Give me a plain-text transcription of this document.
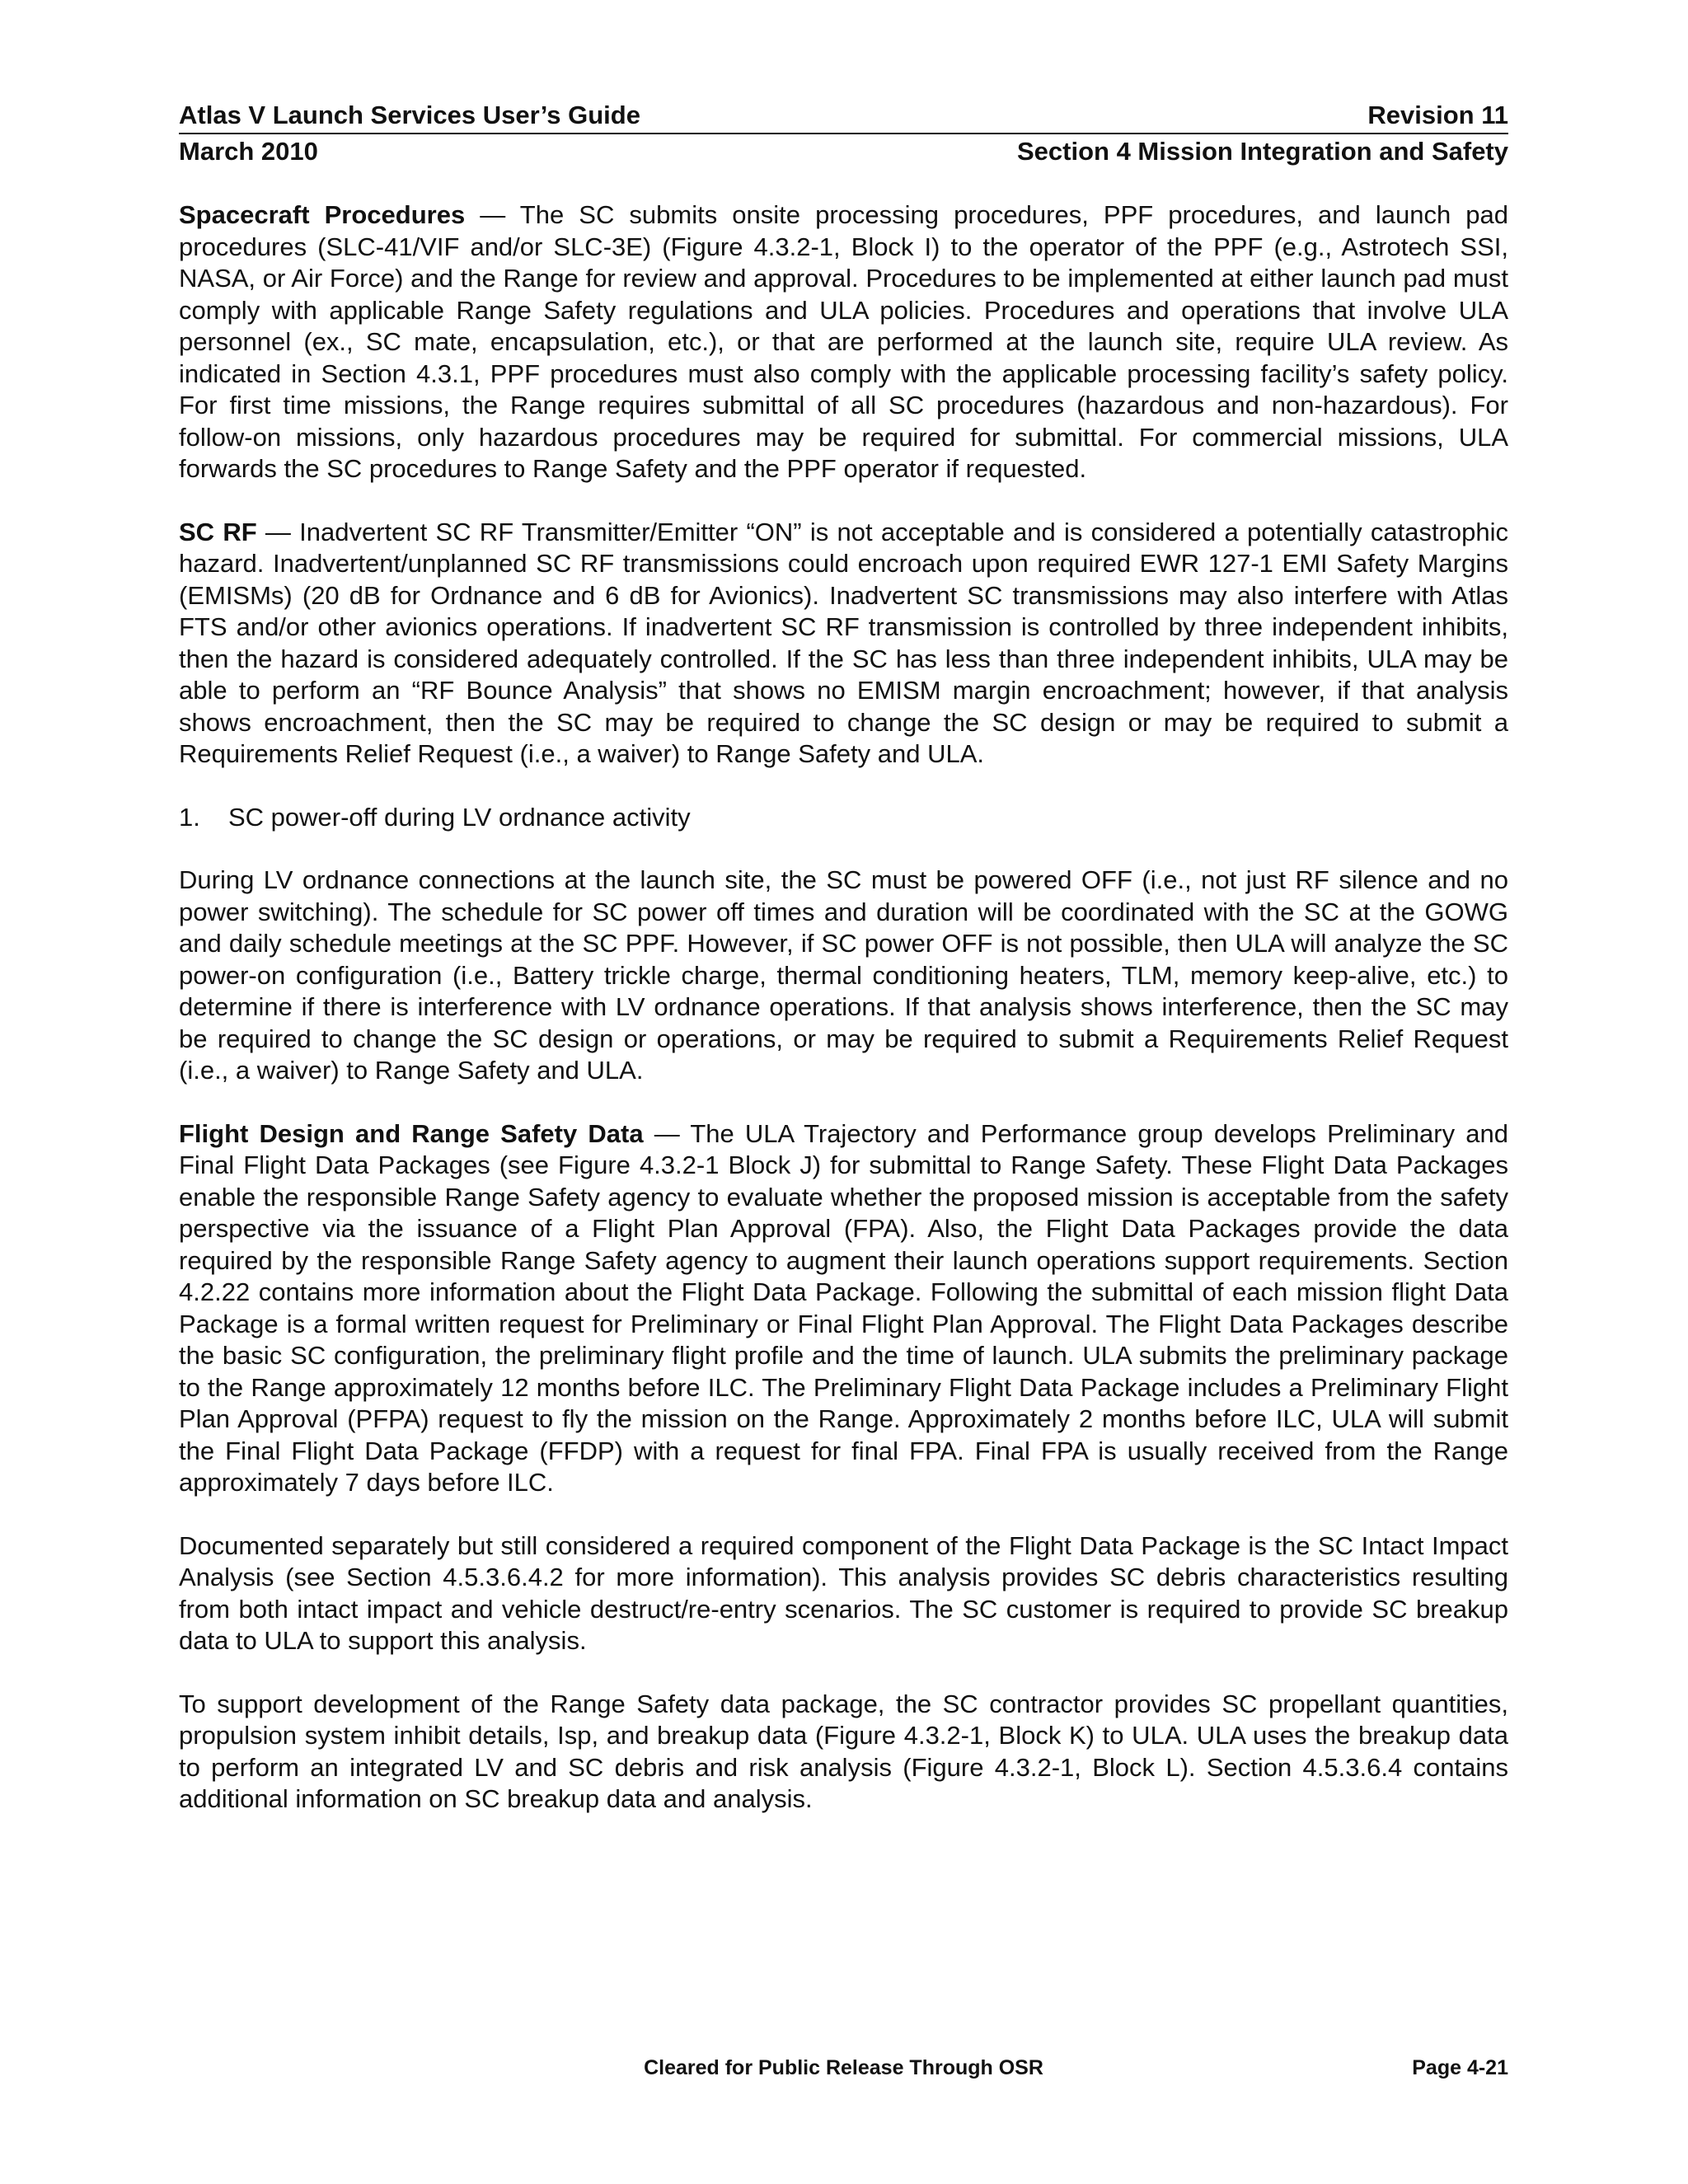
Atlas V Launch Services User’s Guide	Revision 11
March 2010	Section 4 Mission Integration and Safety

Spacecraft Procedures — The SC submits onsite processing procedures, PPF procedures, and launch pad procedures (SLC-41/VIF and/or SLC-3E) (Figure 4.3.2-1, Block I) to the operator of the PPF (e.g., Astrotech SSI, NASA, or Air Force) and the Range for review and approval. Procedures to be implemented at either launch pad must comply with applicable Range Safety regulations and ULA policies. Procedures and operations that involve ULA personnel (ex., SC mate, encapsulation, etc.), or that are performed at the launch site, require ULA review. As indicated in Section 4.3.1, PPF procedures must also comply with the applicable processing facility’s safety policy. For first time missions, the Range requires submittal of all SC procedures (hazardous and non-hazardous). For follow-on missions, only hazardous procedures may be required for submittal. For commercial missions, ULA forwards the SC procedures to Range Safety and the PPF operator if requested.

SC RF — Inadvertent SC RF Transmitter/Emitter “ON” is not acceptable and is considered a potentially catastrophic hazard. Inadvertent/unplanned SC RF transmissions could encroach upon required EWR 127-1 EMI Safety Margins (EMISMs) (20 dB for Ordnance and 6 dB for Avionics). Inadvertent SC transmissions may also interfere with Atlas FTS and/or other avionics operations. If inadvertent SC RF transmission is controlled by three independent inhibits, then the hazard is considered adequately controlled. If the SC has less than three independent inhibits, ULA may be able to perform an “RF Bounce Analysis” that shows no EMISM margin encroachment; however, if that analysis shows encroachment, then the SC may be required to change the SC design or may be required to submit a Requirements Relief Request (i.e., a waiver) to Range Safety and ULA.

1.	SC power-off during LV ordnance activity

During LV ordnance connections at the launch site, the SC must be powered OFF (i.e., not just RF silence and no power switching). The schedule for SC power off times and duration will be coordinated with the SC at the GOWG and daily schedule meetings at the SC PPF. However, if SC power OFF is not possible, then ULA will analyze the SC power-on configuration (i.e., Battery trickle charge, thermal conditioning heaters, TLM, memory keep-alive, etc.) to determine if there is interference with LV ordnance operations. If that analysis shows interference, then the SC may be required to change the SC design or operations, or may be required to submit a Requirements Relief Request (i.e., a waiver) to Range Safety and ULA.

Flight Design and Range Safety Data — The ULA Trajectory and Performance group develops Preliminary and Final Flight Data Packages (see Figure 4.3.2-1 Block J) for submittal to Range Safety. These Flight Data Packages enable the responsible Range Safety agency to evaluate whether the proposed mission is acceptable from the safety perspective via the issuance of a Flight Plan Approval (FPA). Also, the Flight Data Packages provide the data required by the responsible Range Safety agency to augment their launch operations support requirements. Section 4.2.22 contains more information about the Flight Data Package. Following the submittal of each mission flight Data Package is a formal written request for Preliminary or Final Flight Plan Approval. The Flight Data Packages describe the basic SC configuration, the preliminary flight profile and the time of launch. ULA submits the preliminary package to the Range approximately 12 months before ILC. The Preliminary Flight Data Package includes a Preliminary Flight Plan Approval (PFPA) request to fly the mission on the Range. Approximately 2 months before ILC, ULA will submit the Final Flight Data Package (FFDP) with a request for final FPA. Final FPA is usually received from the Range approximately 7 days before ILC.

Documented separately but still considered a required component of the Flight Data Package is the SC Intact Impact Analysis (see Section 4.5.3.6.4.2 for more information). This analysis provides SC debris characteristics resulting from both intact impact and vehicle destruct/re-entry scenarios. The SC customer is required to provide SC breakup data to ULA to support this analysis.

To support development of the Range Safety data package, the SC contractor provides SC propellant quantities, propulsion system inhibit details, Isp, and breakup data (Figure 4.3.2-1, Block K) to ULA. ULA uses the breakup data to perform an integrated LV and SC debris and risk analysis (Figure 4.3.2-1, Block L). Section 4.5.3.6.4 contains additional information on SC breakup data and analysis.

Cleared for Public Release Through OSR	Page 4-21
